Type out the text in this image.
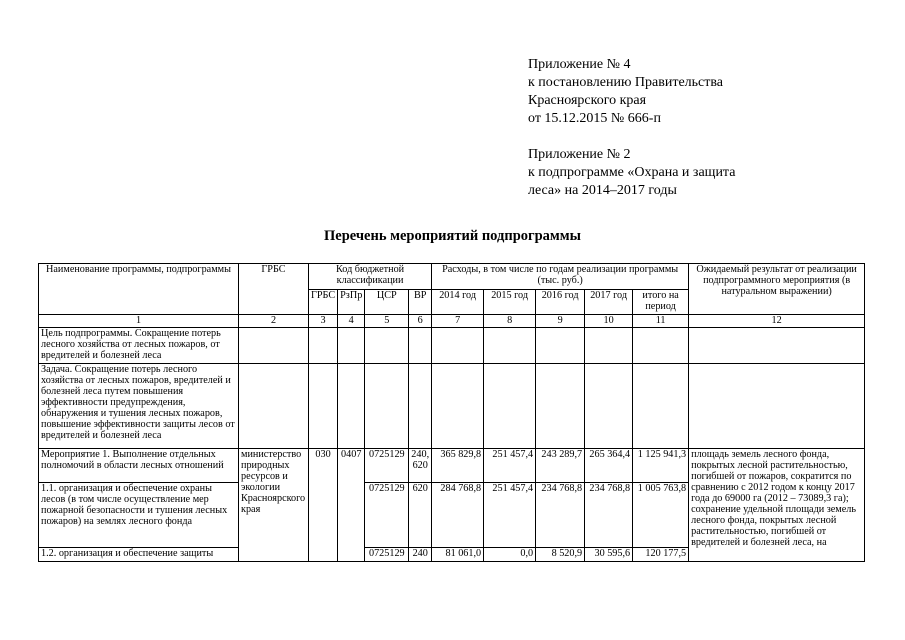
Приложение № 4
к постановлению Правительства
Красноярского края
от 15.12.2015 № 666-п
Приложение № 2
к подпрограмме «Охрана и защита
леса» на 2014–2017 годы
Перечень мероприятий подпрограммы
Наименование программы, подпрограммы	ГРБС	Код бюджетной классификации				Расходы, в том числе по годам реализации программы (тыс. руб.)					Ожидаемый результат от реализации подпрограммного мероприятия (в натуральном выражении)
		ГРБС	РзПр	ЦСР	ВР	2014 год	2015 год	2016 год	2017 год	итого на период	
1	2	3	4	5	6	7	8	9	10	11	12
Цель подпрограммы. Сокращение потерь лесного хозяйства от лесных пожаров, от вредителей и болезней леса											
Задача. Сокращение потерь лесного хозяйства от лесных пожаров, вредителей и болезней леса путем повышения эффективности предупреждения, обнаружения и тушения лесных пожаров, повышение эффективности защиты лесов от вредителей и болезней леса											
Мероприятие 1. Выполнение отдельных полномочий в области лесных отношений	министерство природных ресурсов и экологии Красноярского края	030	0407	0725129	240, 620	365 829,8	251 457,4	243 289,7	265 364,4	1 125 941,3	площадь земель лесного фонда, покрытых лесной растительностью, погибшей от пожаров, сократится по сравнению с 2012 годом к концу 2017 года до 69000 га (2012 – 73089,3 га); сохранение удельной площади земель лесного фонда, покрытых лесной растительностью, погибшей от вредителей и болезней леса, на
1.1. организация и обеспечение охраны лесов (в том числе осуществление мер пожарной безопасности и тушения лесных пожаров) на землях лесного фонда				0725129	620	284 768,8	251 457,4	234 768,8	234 768,8	1 005 763,8	
1.2. организация и обеспечение защиты				0725129	240	81 061,0	0,0	8 520,9	30 595,6	120 177,5	
